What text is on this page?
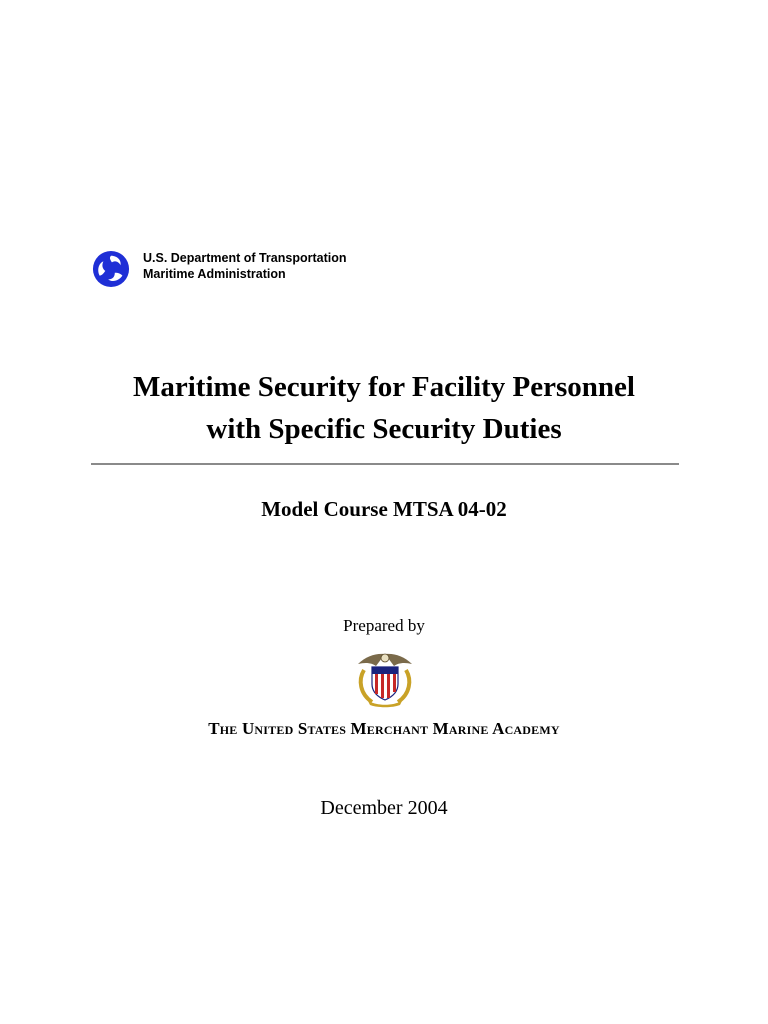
U.S. Department of Transportation
Maritime Administration
Maritime Security for Facility Personnel
with Specific Security Duties
Model Course MTSA 04-02
Prepared by
The United States Merchant Marine Academy
December 2004
